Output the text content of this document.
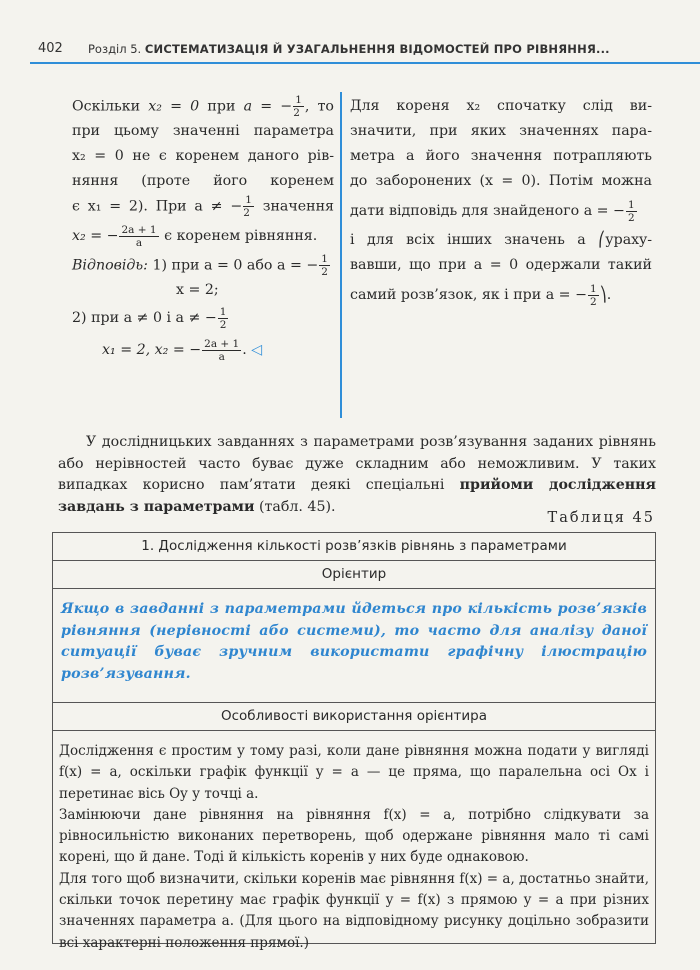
402 Розділ 5. СИСТЕМАТИЗАЦІЯ Й УЗАГАЛЬНЕННЯ ВІДОМОСТЕЙ ПРО РІВНЯННЯ...
Оскільки x₂ = 0 при a = − $\frac{1}{2}$ , то
при цьому значенні параметра
x₂ = 0 не є коренем даного рів-
няння (проте його коренем
є x₁ = 2). При a ≠ − $\frac{1}{2}$ значення
x₂ = − $\frac{2a + 1}{a}$ є коренем рівняння.
Відповідь: 1) при a = 0 або a = − $\frac{1}{2}$
x = 2;
2) при a ≠ 0 і a ≠ − $\frac{1}{2}$
x₁ = 2, x₂ = − $\frac{2a + 1}{a}$ . ◁
Для кореня x₂ спочатку слід ви-
значити, при яких значеннях пара-
метра a його значення потрапляють
до заборонених (x = 0). Потім можна
дати відповідь для знайденого a = − $\frac{1}{2}$
і для всіх інших значень a ⎛урахy-
вавши, що при a = 0 одержали такий
самий розв’язок, як і при a = − $\frac{1}{2}$ ⎞.
У дослідницьких завданнях з параметрами розв’язування заданих рівнянь або нерівностей часто буває дуже складним або неможливим. У таких випадках корисно пам’ятати деякі спеціальні прийоми дослідження завдань з параметрами (табл. 45).
Таблиця 45
1. Дослідження кількості розв’язків рівнянь з параметрами
Орієнтир
Якщо в завданні з параметрами йдеться про кількість розв’язків рівняння (нерівності або системи), то часто для аналізу даної ситуації буває зручним використати графічну ілюстрацію розв’язування.
Особливості використання орієнтира

Дослідження є простим у тому разі, коли дане рівняння можна подати у вигляді f(x) = a, оскільки графік функції y = a — це пряма, що паралельна осі Ox і перетинає вісь Oy у точці a.

Замінюючи дане рівняння на рівняння f(x) = a, потрібно слідкувати за рівносильністю виконаних перетворень, щоб одержане рівняння мало ті самі корені, що й дане. Тоді й кількість коренів у них буде однаковою.

Для того щоб визначити, скільки коренів має рівняння f(x) = a, достатньо знайти, скільки точок перетину має графік функції y = f(x) з прямою y = a при різних значеннях параметра a. (Для цього на відповідному рисунку доцільно зобразити всі характерні положення прямої.)
